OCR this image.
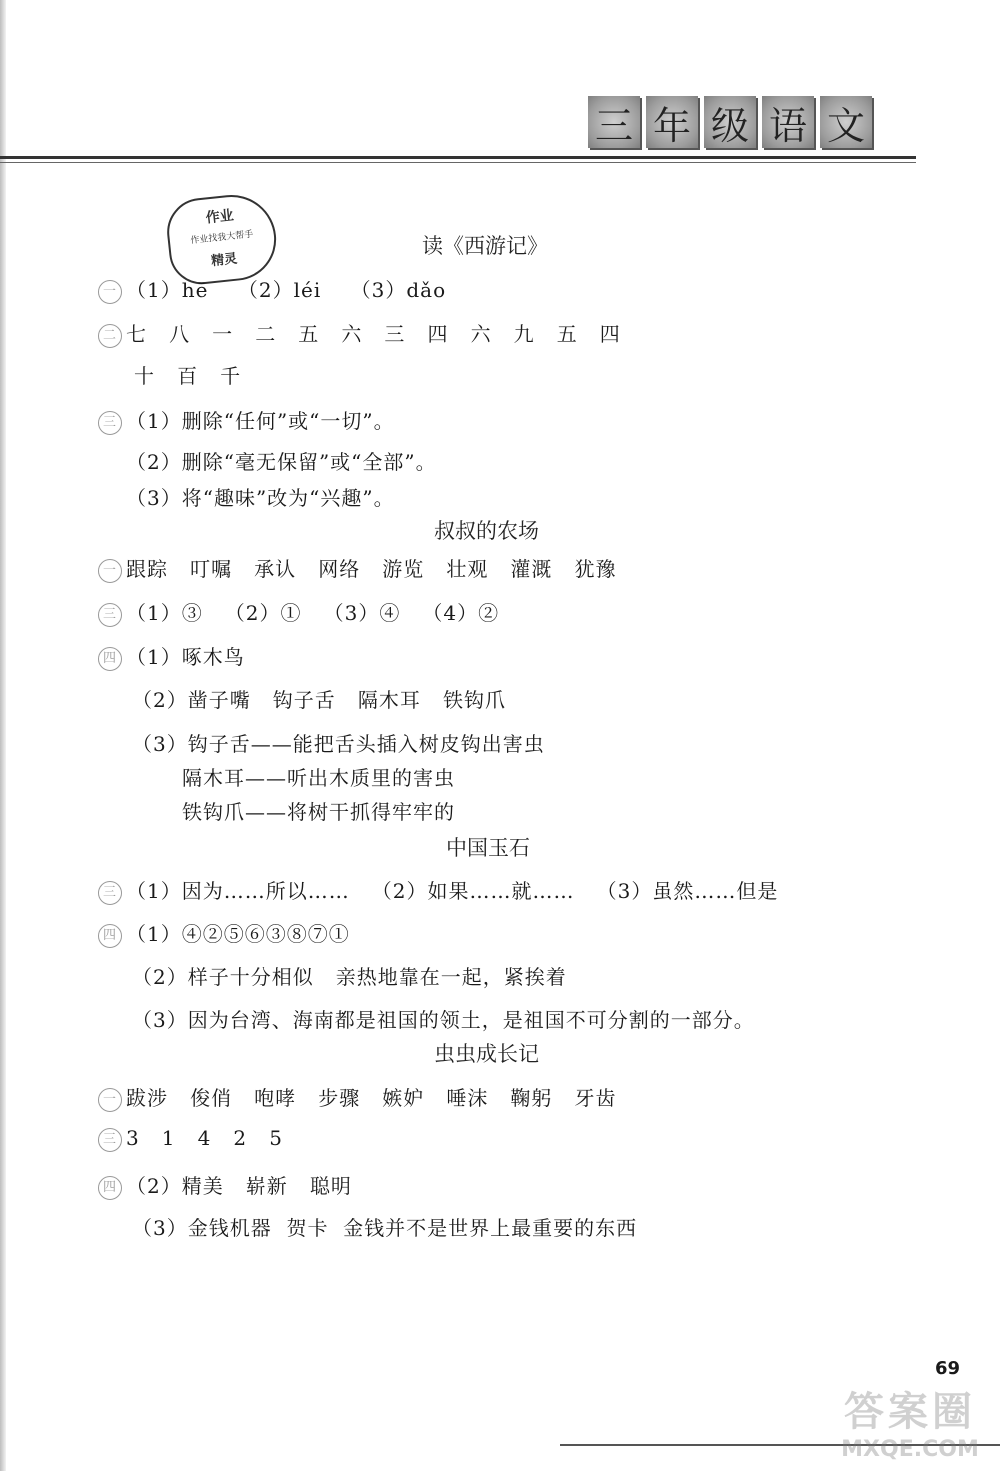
三 年 级 语 文
作业
作业找我大帮手
精灵
读《西游记》
一 （1）hē    （2）léi    （3）dǎo
二 七   八   一   二   五   六   三   四   六   九   五   四
十   百   千
三 （1）删除“任何”或“一切”。
（2）删除“毫无保留”或“全部”。
（3）将“趣味”改为“兴趣”。
叔叔的农场
一 跟踪   叮嘱   承认   网络   游览   壮观   灌溉   犹豫
三 （1）③   （2）①   （3）④   （4）②
四 （1）啄木鸟
（2）凿子嘴   钩子舌   隔木耳   铁钩爪
（3）钩子舌——能把舌头插入树皮钩出害虫
隔木耳——听出木质里的害虫
铁钩爪——将树干抓得牢牢的
中国玉石
三 （1）因为……所以……   （2）如果……就……   （3）虽然……但是
四 （1）④②⑤⑥③⑧⑦①
（2）样子十分相似   亲热地靠在一起，紧挨着
（3）因为台湾、海南都是祖国的领土，是祖国不可分割的一部分。
虫虫成长记
一 跋涉   俊俏   咆哮   步骤   嫉妒   唾沫   鞠躬   牙齿
三 3   1   4   2   5
四 （2）精美   崭新   聪明
（3）金钱机器  贺卡  金钱并不是世界上最重要的东西
69
答案圈
MXQE.COM
